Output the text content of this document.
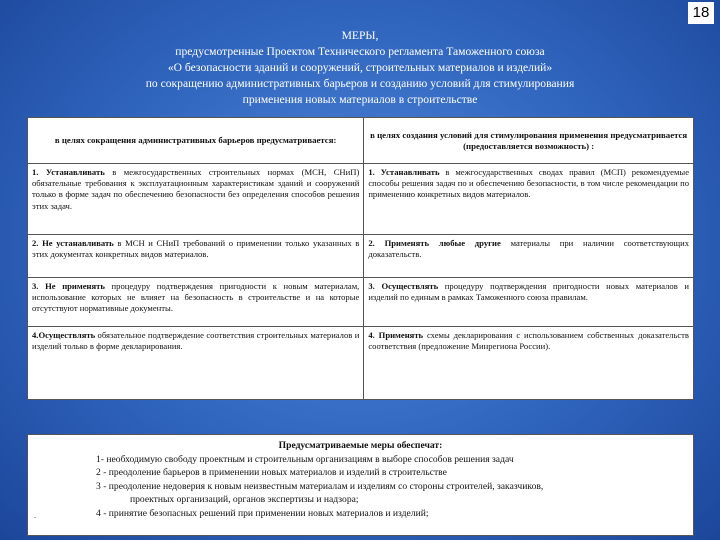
18
МЕРЫ,
предусмотренные Проектом Технического регламента Таможенного союза
«О безопасности зданий и сооружений, строительных материалов и изделий»
по сокращению административных барьеров и созданию условий для стимулирования
применения новых материалов в строительстве
в целях сокращения административных барьеров предусматривается:	в целях создания условий для стимулирования применения предусматривается (предоставляется возможность) :
1. Устанавливать в межгосударственных строительных нормах (МСН, СНиП) обязательные требования к эксплуатационным характеристикам зданий и сооружений только в форме задач по обеспечению безопасности без определения способов решения этих задач.	1. Устанавливать в межгосударственных сводах правил (МСП) рекомендуемые способы решения задач по и обеспечению безопасности, в том числе рекомендации по применению конкретных видов материалов.
2. Не устанавливать в МСН и СНиП требований о применении только указанных в этих документах конкретных видов материалов.	2. Применять любые другие материалы при наличии соответствующих доказательств.
3. Не применять процедуру подтверждения пригодности к новым материалам, использование которых не влияет на безопасность в строительстве и на которые отсутствуют нормативные документы.	3. Осуществлять процедуру подтверждения пригодности новых материалов и изделий по единым в рамках Таможенного союза правилам.
4.Осуществлять обязательное подтверждение соответствия строительных материалов и изделий только в форме декларирования.	4. Применять схемы декларирования с использованием собственных доказательств соответствия (предложение Минрегиона России).
Предусматриваемые меры обеспечат:
1- необходимую свободу проектным и строительным организациям в выборе способов решения задач
2 - преодоление барьеров в применении новых материалов и изделий в строительстве
3 - преодоление недоверия к новым неизвестным материалам и изделиям со стороны строителей, заказчиков,
проектных организаций, органов экспертизы и надзора;
4 - принятие безопасных решений при применении новых материалов и изделий;
.
